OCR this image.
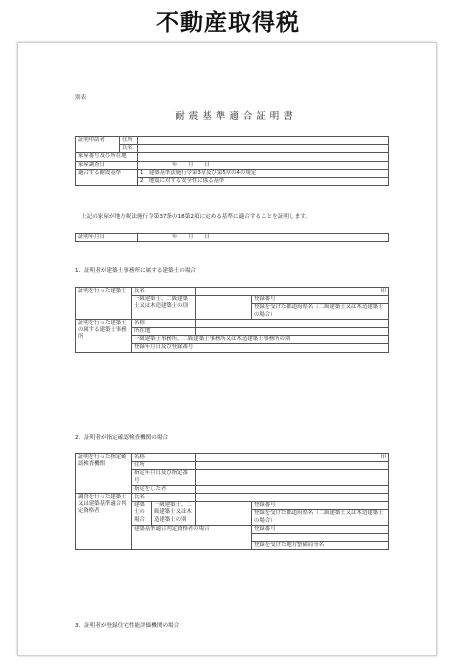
不動産取得税
別表
耐震基準適合証明書
証明申請者	住所	
	氏名	
家屋番号及び所在地		
家屋調査日		年　　月　　日
適合する耐震基準		1　建築基準法施行令第3章及び第5章の4の規定
		2　地震に対する安全性に係る基準
上記の家屋が地方税法施行令第37条の18第2項に定める基準に適合することを証明します。
証明年月日	年　　月　　日
1．証明者が建築士事務所に属する建築士の場合
証明を行った建築士	氏名	印	
	一級建築士、二級建築士又は木造建築士の別		登録番号
			登録を受けた都道府県名（二級建築士又は木造建築士の場合）

証明を行った建築士の属する建築士事務所	名称		
	所在地		
	一級建築士事務所、二級建築士事務所又は木造建築士事務所の別		
	登録年月日及び登録番号		
2．証明者が指定確認検査機関の場合
証明を行った指定確認検査機関	名称		印	
	住所			
	指定年月日及び指定番号			

	指定をした者			
調査を行った建築士又は建築基準適合判定資格者	氏名			
	建築士の場合	一級建築士、二級建築士又は木造建築士の別		登録番号
				登録を受けた都道府県名（二級建築士又は木造建築士の場合）

	建築基準適合判定資格者の場合			登録番号

				登録を受けた地方整備局等名
3．証明者が登録住宅性能評価機関の場合
